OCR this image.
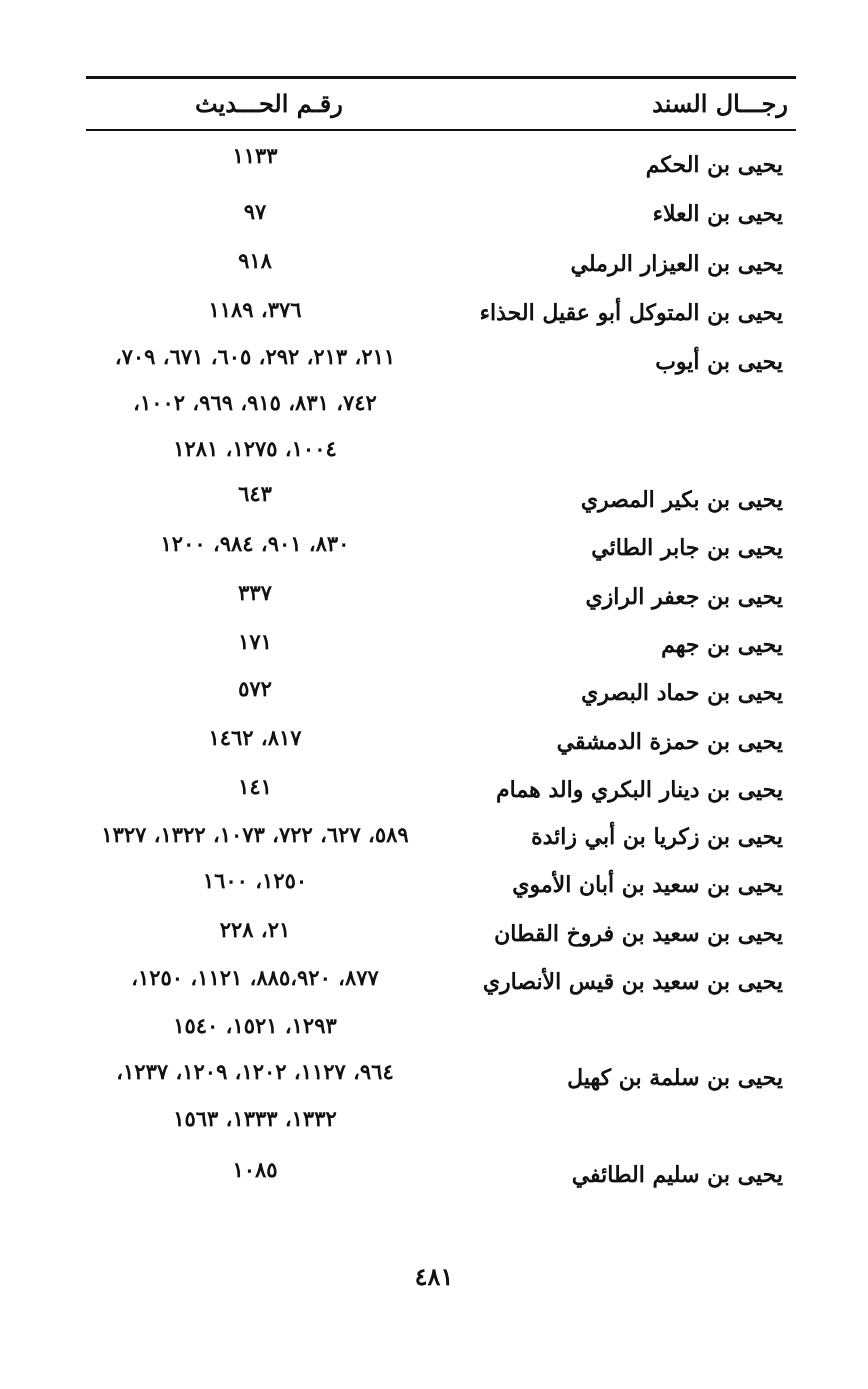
رجـــال السند
رقـم الحـــديث
يحيى بن الحكم
١١٣٣
يحيى بن العلاء
٩٧
يحيى بن العيزار الرملي
٩١٨
يحيى بن المتوكل أبو عقيل الحذاء
٣٧٦، ١١٨٩
يحيى بن أيوب
٢١١، ٢١٣، ٢٩٢، ٦٠٥، ٦٧١، ٧٠٩،
٧٤٢، ٨٣١، ٩١٥، ٩٦٩، ١٠٠٢،
١٠٠٤، ١٢٧٥، ١٢٨١
يحيى بن بكير المصري
٦٤٣
يحيى بن جابر الطائي
٨٣٠، ٩٠١، ٩٨٤، ١٢٠٠
يحيى بن جعفر الرازي
٣٣٧
يحيى بن جهم
١٧١
يحيى بن حماد البصري
٥٧٢
يحيى بن حمزة الدمشقي
٨١٧، ١٤٦٢
يحيى بن دينار البكري والد همام
١٤١
يحيى بن زكريا بن أبي زائدة
٥٨٩، ٦٢٧، ٧٢٢، ١٠٧٣، ١٣٢٢، ١٣٢٧
يحيى بن سعيد بن أبان الأموي
١٢٥٠، ١٦٠٠
يحيى بن سعيد بن فروخ القطان
٢١، ٢٢٨
يحيى بن سعيد بن قيس الأنصاري
٨٧٧، ٨٨٥،٩٢٠، ١١٢١، ١٢٥٠،
١٢٩٣، ١٥٢١، ١٥٤٠
يحيى بن سلمة بن كهيل
٩٦٤، ١١٢٧، ١٢٠٢، ١٢٠٩، ١٢٣٧،
١٣٣٢، ١٣٣٣، ١٥٦٣
يحيى بن سليم الطائفي
١٠٨٥
٤٨١
